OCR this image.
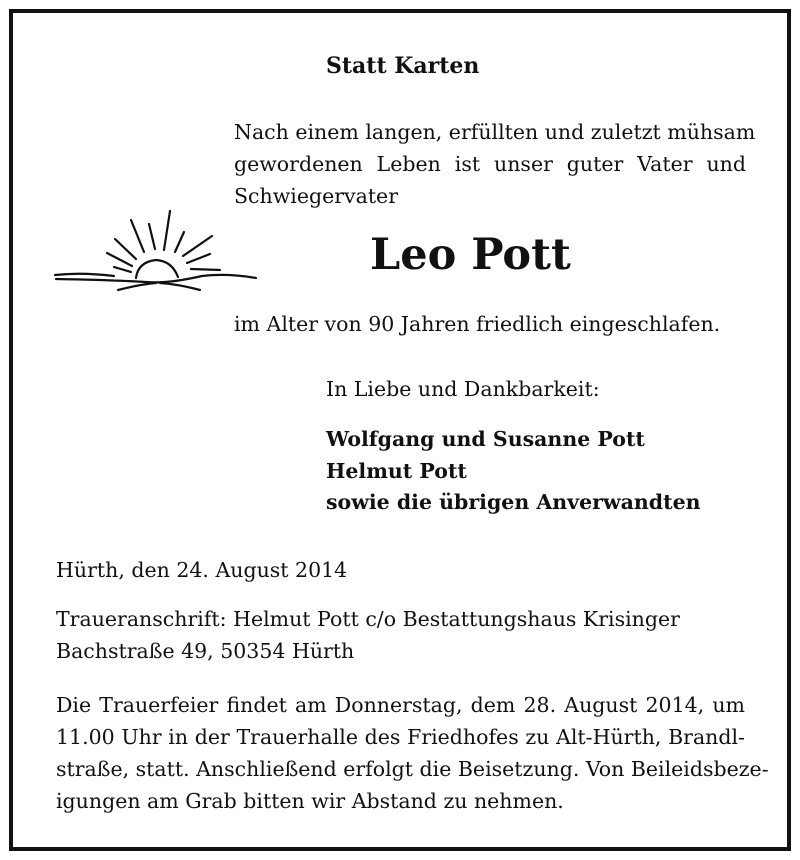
Statt Karten
Nach einem langen, erfüllten und zuletzt mühsam
gewordenen Leben ist unser guter Vater und
Schwiegervater
Leo Pott
im Alter von 90 Jahren friedlich eingeschlafen.
In Liebe und Dankbarkeit:
Wolfgang und Susanne Pott
Helmut Pott
sowie die übrigen Anverwandten
Hürth, den 24. August 2014
Traueranschrift: Helmut Pott c/o Bestattungshaus Krisinger
Bachstraße 49, 50354 Hürth
Die Trauerfeier findet am Donnerstag, dem 28. August 2014, um
11.00 Uhr in der Trauerhalle des Friedhofes zu Alt-Hürth, Brandl-
straße, statt. Anschließend erfolgt die Beisetzung. Von Beileidsbeze-
igungen am Grab bitten wir Abstand zu nehmen.
